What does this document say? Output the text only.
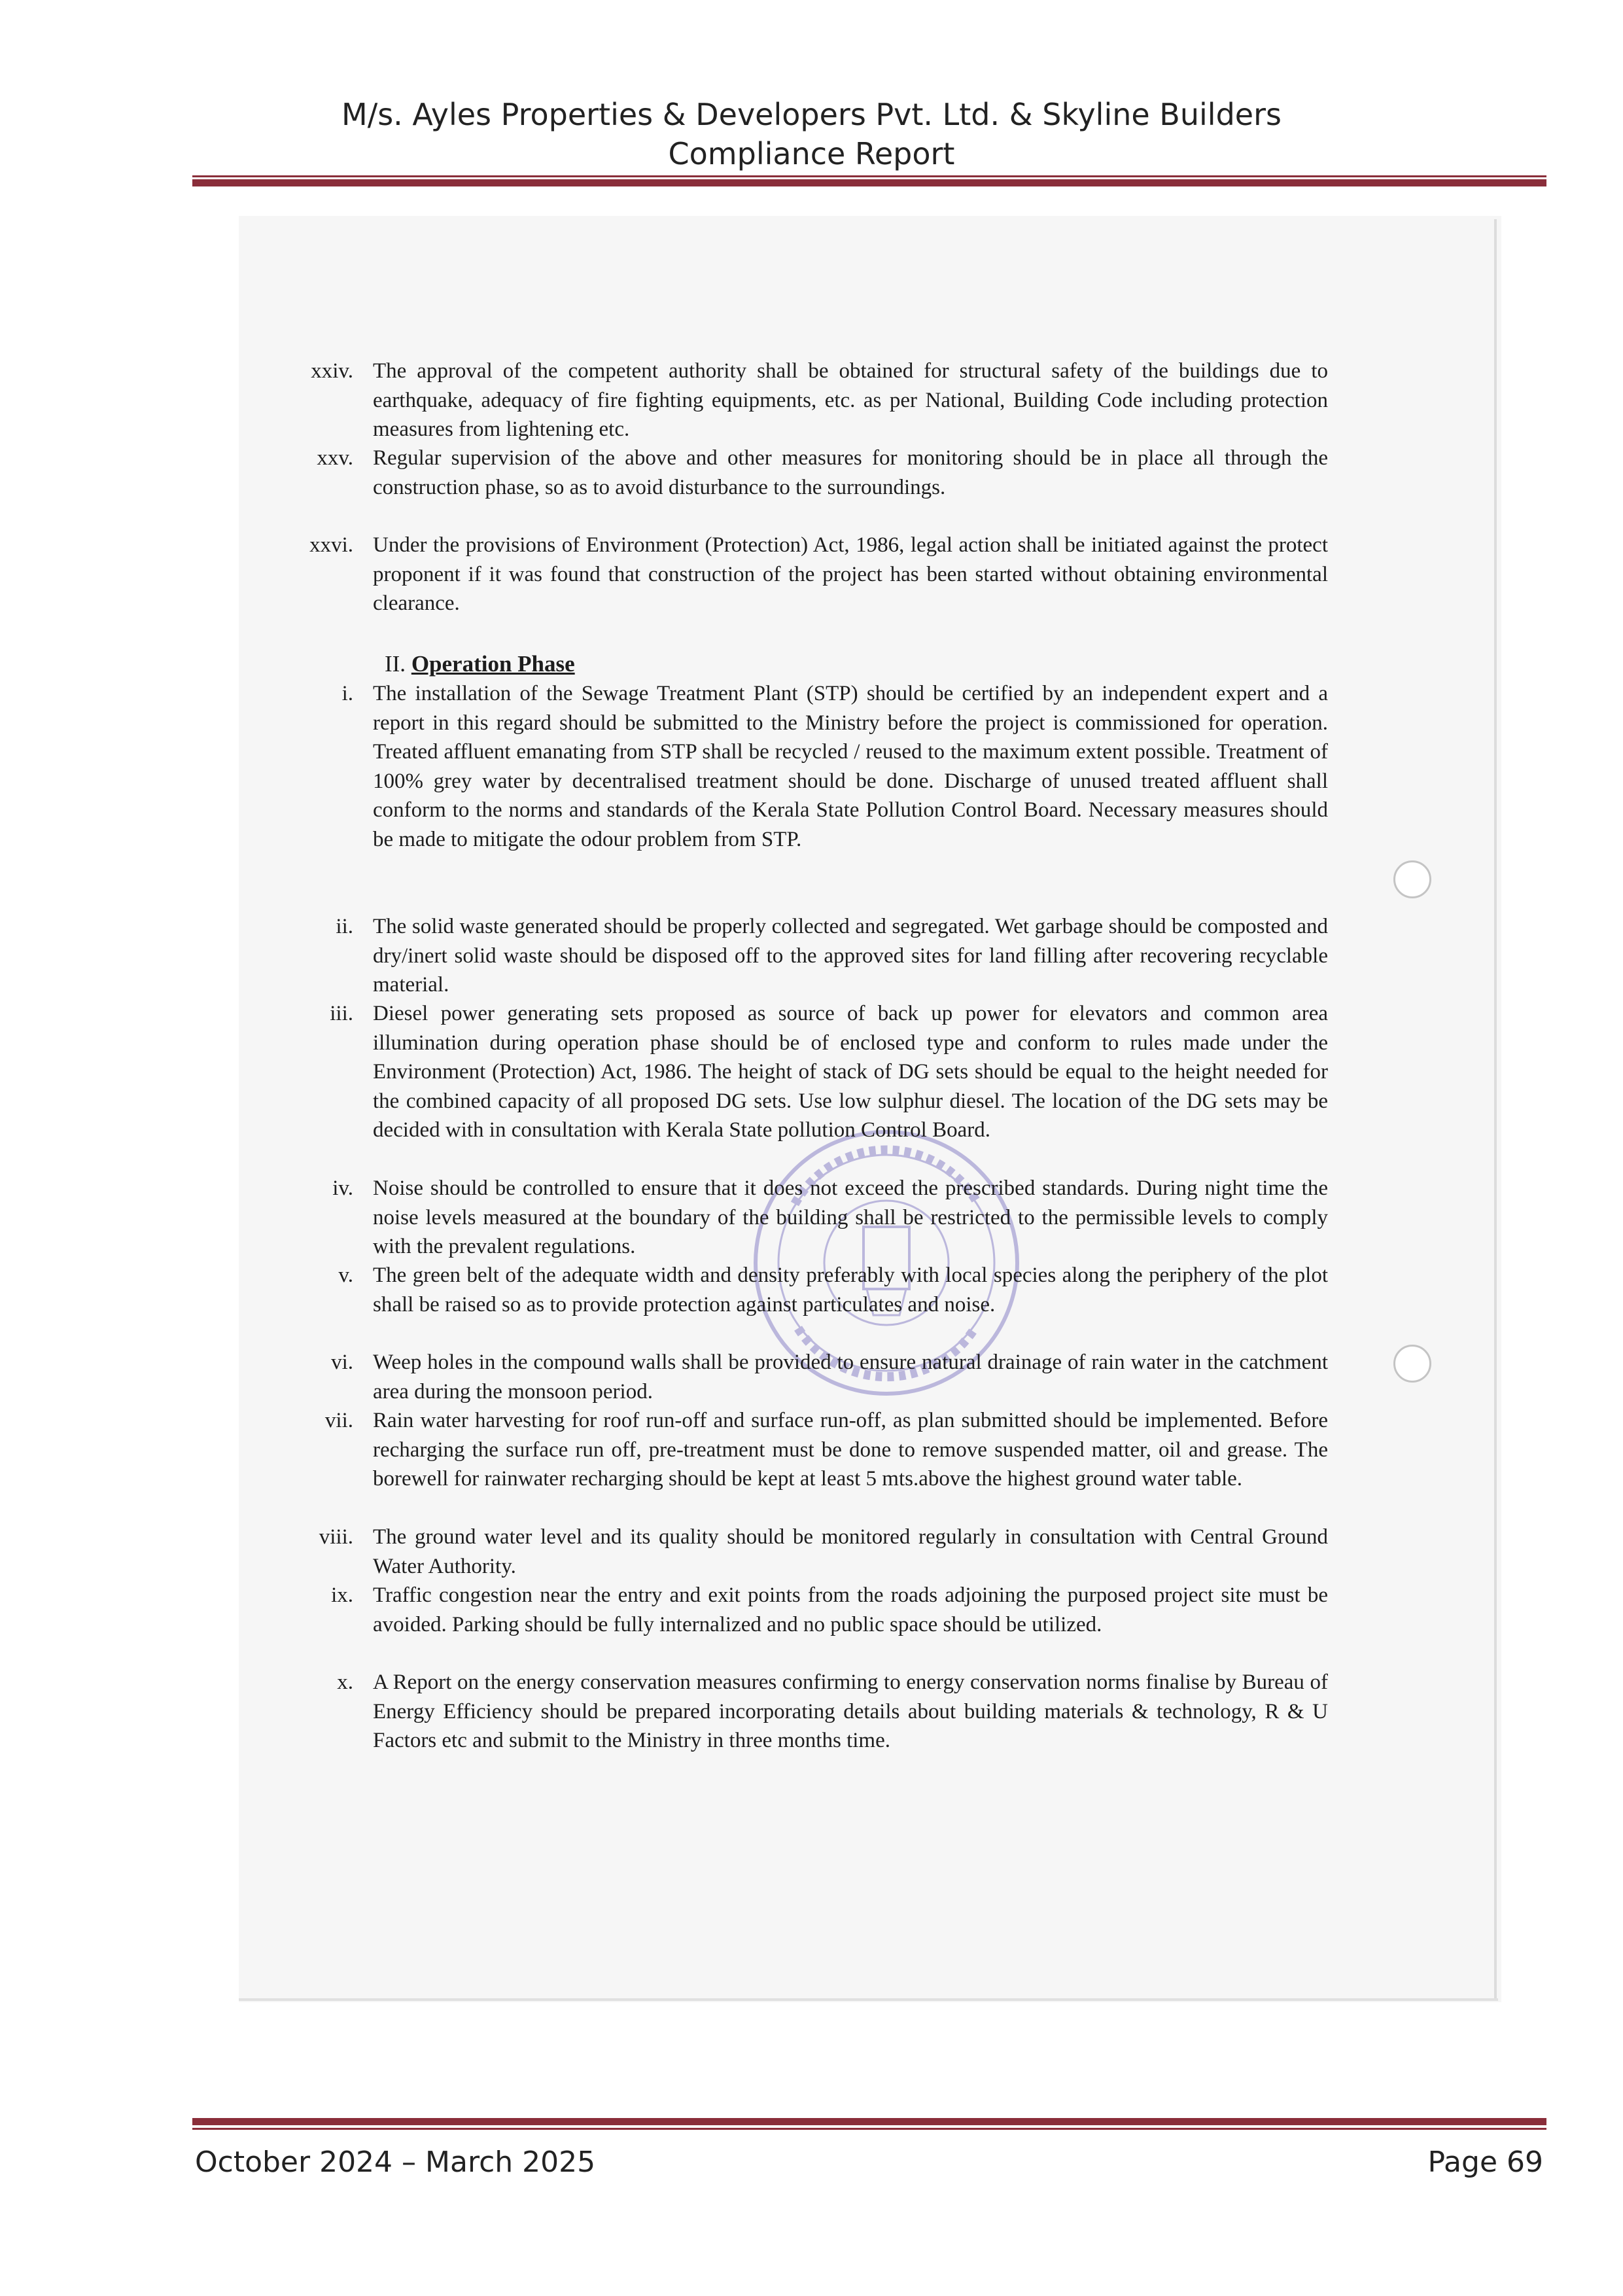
M/s. Ayles Properties & Developers Pvt. Ltd. & Skyline Builders
Compliance Report
xxiv. The approval of the competent authority shall be obtained for structural safety of the buildings due to earthquake, adequacy of fire fighting equipments, etc. as per National, Building Code including protection measures from lightening etc.
xxv. Regular supervision of the above and other measures for monitoring should be in place all through the construction phase, so as to avoid disturbance to the surroundings.
xxvi. Under the provisions of Environment (Protection) Act, 1986, legal action shall be initiated against the protect proponent if it was found that construction of the project has been started without obtaining environmental clearance.
II. Operation Phase
i. The installation of the Sewage Treatment Plant (STP) should be certified by an independent expert and a report in this regard should be submitted to the Ministry before the project is commissioned for operation. Treated affluent emanating from STP shall be recycled / reused to the maximum extent possible. Treatment of 100% grey water by decentralised treatment should be done. Discharge of unused treated affluent shall conform to the norms and standards of the Kerala State Pollution Control Board. Necessary measures should be made to mitigate the odour problem from STP.
ii. The solid waste generated should be properly collected and segregated. Wet garbage should be composted and dry/inert solid waste should be disposed off to the approved sites for land filling after recovering recyclable material.
iii. Diesel power generating sets proposed as source of back up power for elevators and common area illumination during operation phase should be of enclosed type and conform to rules made under the Environment (Protection) Act, 1986. The height of stack of DG sets should be equal to the height needed for the combined capacity of all proposed DG sets. Use low sulphur diesel. The location of the DG sets may be decided with in consultation with Kerala State pollution Control Board.
iv. Noise should be controlled to ensure that it does not exceed the prescribed standards. During night time the noise levels measured at the boundary of the building shall be restricted to the permissible levels to comply with the prevalent regulations.
v. The green belt of the adequate width and density preferably with local species along the periphery of the plot shall be raised so as to provide protection against particulates and noise.
vi. Weep holes in the compound walls shall be provided to ensure natural drainage of rain water in the catchment area during the monsoon period.
vii. Rain water harvesting for roof run-off and surface run-off, as plan submitted should be implemented. Before recharging the surface run off, pre-treatment must be done to remove suspended matter, oil and grease. The borewell for rainwater recharging should be kept at least 5 mts.above the highest ground water table.
viii. The ground water level and its quality should be monitored regularly in consultation with Central Ground Water Authority.
ix. Traffic congestion near the entry and exit points from the roads adjoining the purposed project site must be avoided. Parking should be fully internalized and no public space should be utilized.
x. A Report on the energy conservation measures confirming to energy conservation norms finalise by Bureau of Energy Efficiency should be prepared incorporating details about building materials & technology, R & U Factors etc and submit to the Ministry in three months time.
October 2024 – March 2025	Page 69
